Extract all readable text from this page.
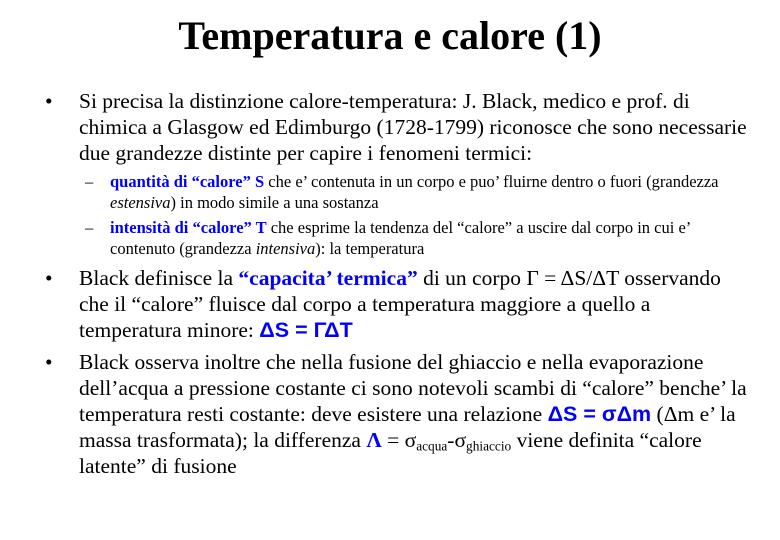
Temperatura e calore (1)
• Si precisa la distinzione calore-temperatura: J. Black, medico e prof. di chimica a Glasgow ed Edimburgo (1728-1799) riconosce che sono necessarie due grandezze distinte per capire i fenomeni termici:
– quantità di “calore” S che e’ contenuta in un corpo e puo’ fluirne dentro o fuori (grandezza estensiva) in modo simile a una sostanza
– intensità di “calore” T che esprime la tendenza del “calore” a uscire dal corpo in cui e’ contenuto (grandezza intensiva): la temperatura
• Black definisce la “capacita’ termica” di un corpo Γ = ΔS/ΔT osservando che il “calore” fluisce dal corpo a temperatura maggiore a quello a temperatura minore: ΔS = ΓΔT
• Black osserva inoltre che nella fusione del ghiaccio e nella evaporazione dell’acqua a pressione costante ci sono notevoli scambi di “calore” benche’ la temperatura resti costante: deve esistere una relazione ΔS = σΔm (Δm e’ la massa trasformata); la differenza $\Lambda = \sigma_{acqua}-\sigma_{ghiaccio}$ viene definita “calore latente” di fusione
